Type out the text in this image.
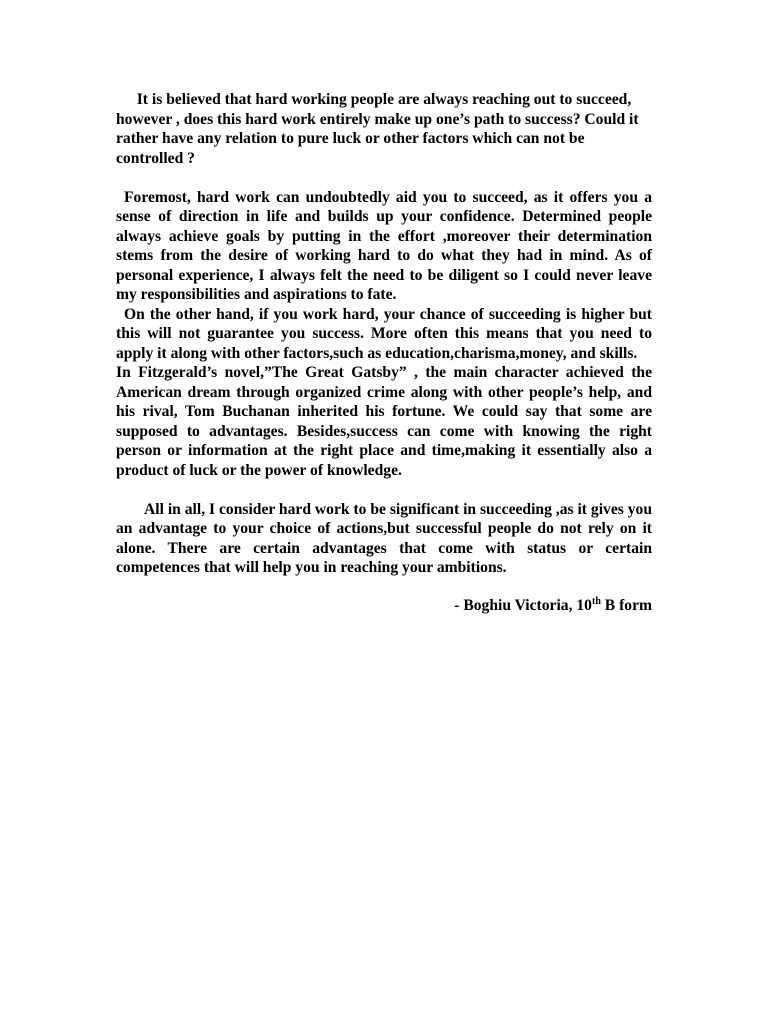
It is believed that hard working people are always reaching out to succeed,

however , does this hard work entirely make up one’s path to success? Could it rather have any relation to pure luck or other factors which can not be controlled ?

Foremost, hard work can undoubtedly aid you to succeed, as it offers you a sense of direction in life and builds up your confidence. Determined people always achieve goals by putting in the effort ,moreover their determination stems from the desire of working hard to do what they had in mind. As of personal experience, I always felt the need to be diligent so I could never leave my responsibilities and aspirations to fate.

On the other hand, if you work hard, your chance of succeeding is higher but this will not guarantee you success. More often this means that you need to apply it along with other factors,such as education,charisma,money, and skills.

In Fitzgerald’s novel,”The Great Gatsby” , the main character achieved the American dream through organized crime along with other people’s help, and his rival, Tom Buchanan inherited his fortune. We could say that some are supposed to advantages. Besides,success can come with knowing the right person or information at the right place and time,making it essentially also a product of luck or the power of knowledge.

All in all, I consider hard work to be significant in succeeding ,as it gives you an advantage to your choice of actions,but successful people do not rely on it alone. There are certain advantages that come with status or certain competences that will help you in reaching your ambitions.

- Boghiu Victoria, 10th B form
